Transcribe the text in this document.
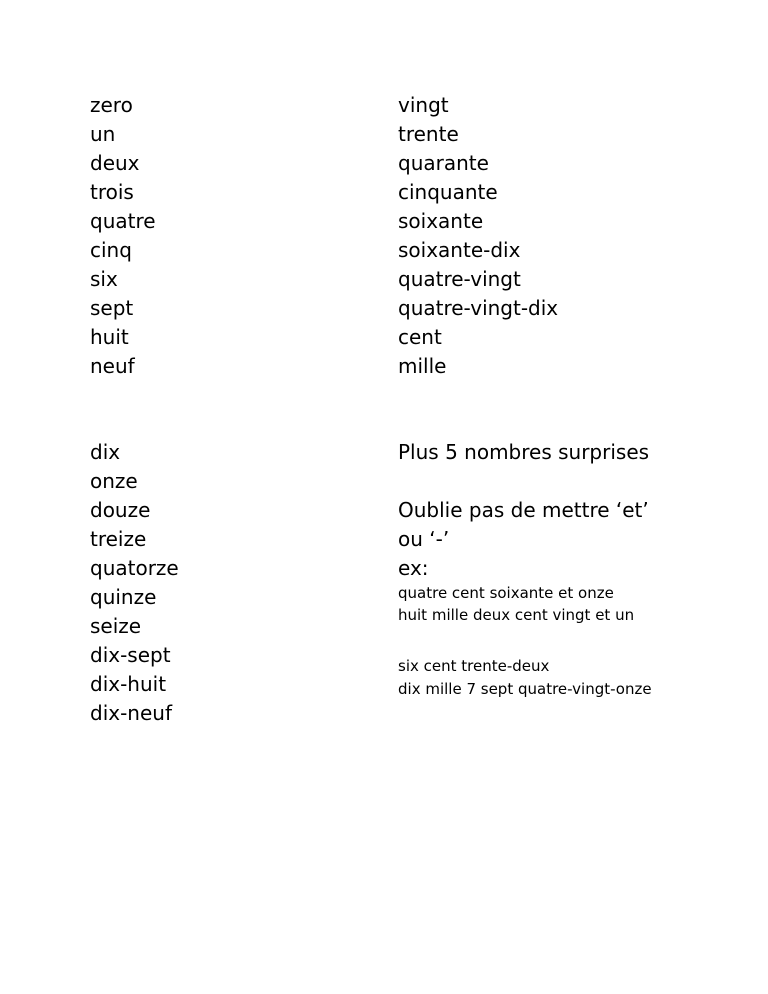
zero
un
deux
trois
quatre
cinq
six
sept
huit
neuf
vingt
trente
quarante
cinquante
soixante
soixante-dix
quatre-vingt
quatre-vingt-dix
cent
mille
dix
onze
douze
treize
quatorze
quinze
seize
dix-sept
dix-huit
dix-neuf
Plus 5 nombres surprises
Oublie pas de mettre ‘et’
ou ‘-’
ex:
quatre cent soixante et onze
huit mille deux cent vingt et un
six cent trente-deux
dix mille 7 sept quatre-vingt-onze
